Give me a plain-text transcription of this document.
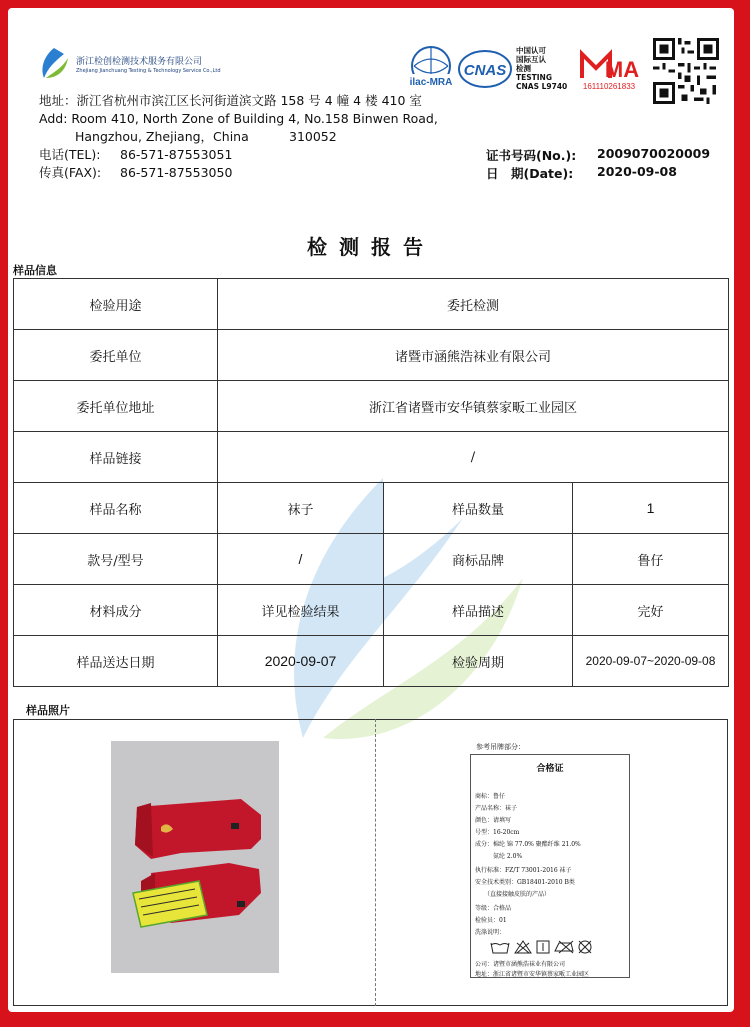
浙江检创检测技术服务有限公司
Zhejiang Jianchuang Testing & Technology Service Co.,Ltd
ilac-MRA
CNAS
中国认可
国际互认
检测
TESTING
CNAS L9740
MA
161110261833
地址：浙江省杭州市滨江区长河街道滨文路 158 号 4 幢 4 楼 410 室
Add: Room 410, North Zone of Building 4, No.158 Binwen Road,
Hangzhou, Zhejiang，China	310052
电话(TEL): 86-571-87553051
传真(FAX): 86-571-87553050
证书号码(No.): 2009070020009
日　期(Date): 2020-09-08
检测报告
样品信息
检验用途	委托检测		
委托单位	诸暨市涵熊浩袜业有限公司		
委托单位地址	浙江省诸暨市安华镇蔡家畈工业园区		
样品链接	/		
样品名称	袜子	样品数量	1
款号/型号	/	商标品牌	鲁仔
材料成分	详见检验结果	样品描述	完好
样品送达日期	2020-09-07	检验周期	2020-09-07~2020-09-08
样品照片
参考吊牌部分：
合格证
商标：鲁仔
产品名称：袜子
颜色：请填写
号型：16-20cm
成分：棉纶 锦 77.0% 聚酯纤维 21.0%
　　　氨纶 2.0%
执行标准：FZ/T 73001-2016 袜子
安全技术类别：GB18401-2010 B类
　　（直接接触皮肤的产品）
等级：合格品
检验员：01
洗涤说明：
公司：诸暨市涵熊浩袜业有限公司
地址：浙江省诸暨市安华镇蔡家畈工业园区
